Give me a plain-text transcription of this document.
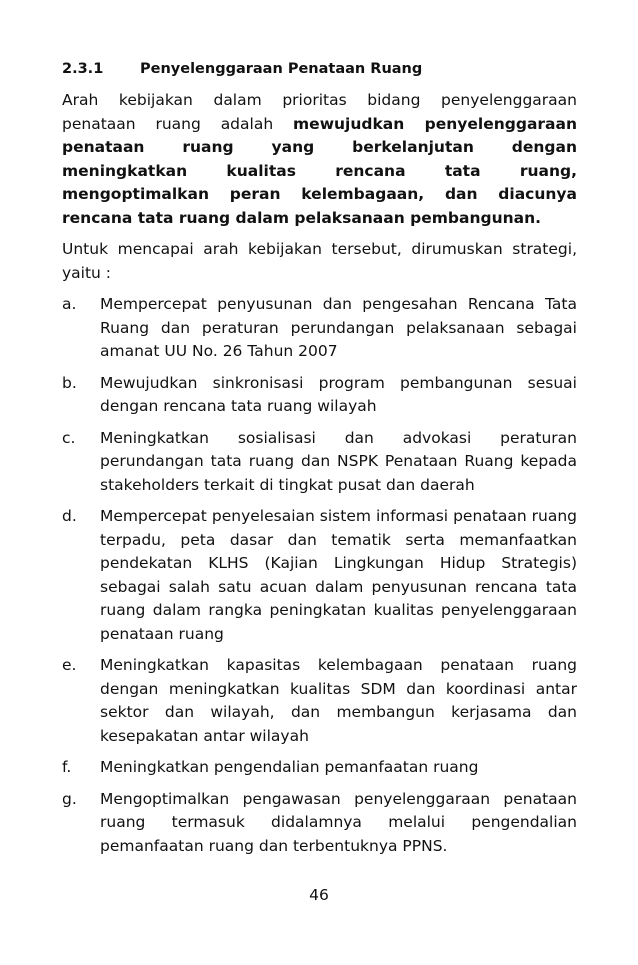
2.3.1	Penyelenggaraan Penataan Ruang

Arah kebijakan dalam prioritas bidang penyelenggaraan penataan ruang adalah mewujudkan penyelenggaraan penataan ruang yang berkelanjutan dengan meningkatkan kualitas rencana tata ruang, mengoptimalkan peran kelembagaan, dan diacunya rencana tata ruang dalam pelaksanaan pembangunan.

Untuk mencapai arah kebijakan tersebut, dirumuskan strategi, yaitu :

a.	Mempercepat penyusunan dan pengesahan Rencana Tata Ruang dan peraturan perundangan pelaksanaan sebagai amanat UU No. 26 Tahun 2007
b.	Mewujudkan sinkronisasi program pembangunan sesuai dengan rencana tata ruang wilayah
c.	Meningkatkan sosialisasi dan advokasi peraturan perundangan tata ruang dan NSPK Penataan Ruang kepada stakeholders terkait di tingkat pusat dan daerah
d.	Mempercepat penyelesaian sistem informasi penataan ruang terpadu, peta dasar dan tematik serta memanfaatkan pendekatan KLHS (Kajian Lingkungan Hidup Strategis) sebagai salah satu acuan dalam penyusunan rencana tata ruang dalam rangka peningkatan kualitas penyelenggaraan penataan ruang
e.	Meningkatkan kapasitas kelembagaan penataan ruang dengan meningkatkan kualitas SDM dan koordinasi antar sektor dan wilayah, dan membangun kerjasama dan kesepakatan antar wilayah
f.	Meningkatkan pengendalian pemanfaatan ruang
g.	Mengoptimalkan pengawasan penyelenggaraan penataan ruang termasuk didalamnya melalui pengendalian pemanfaatan ruang dan terbentuknya PPNS.
46
